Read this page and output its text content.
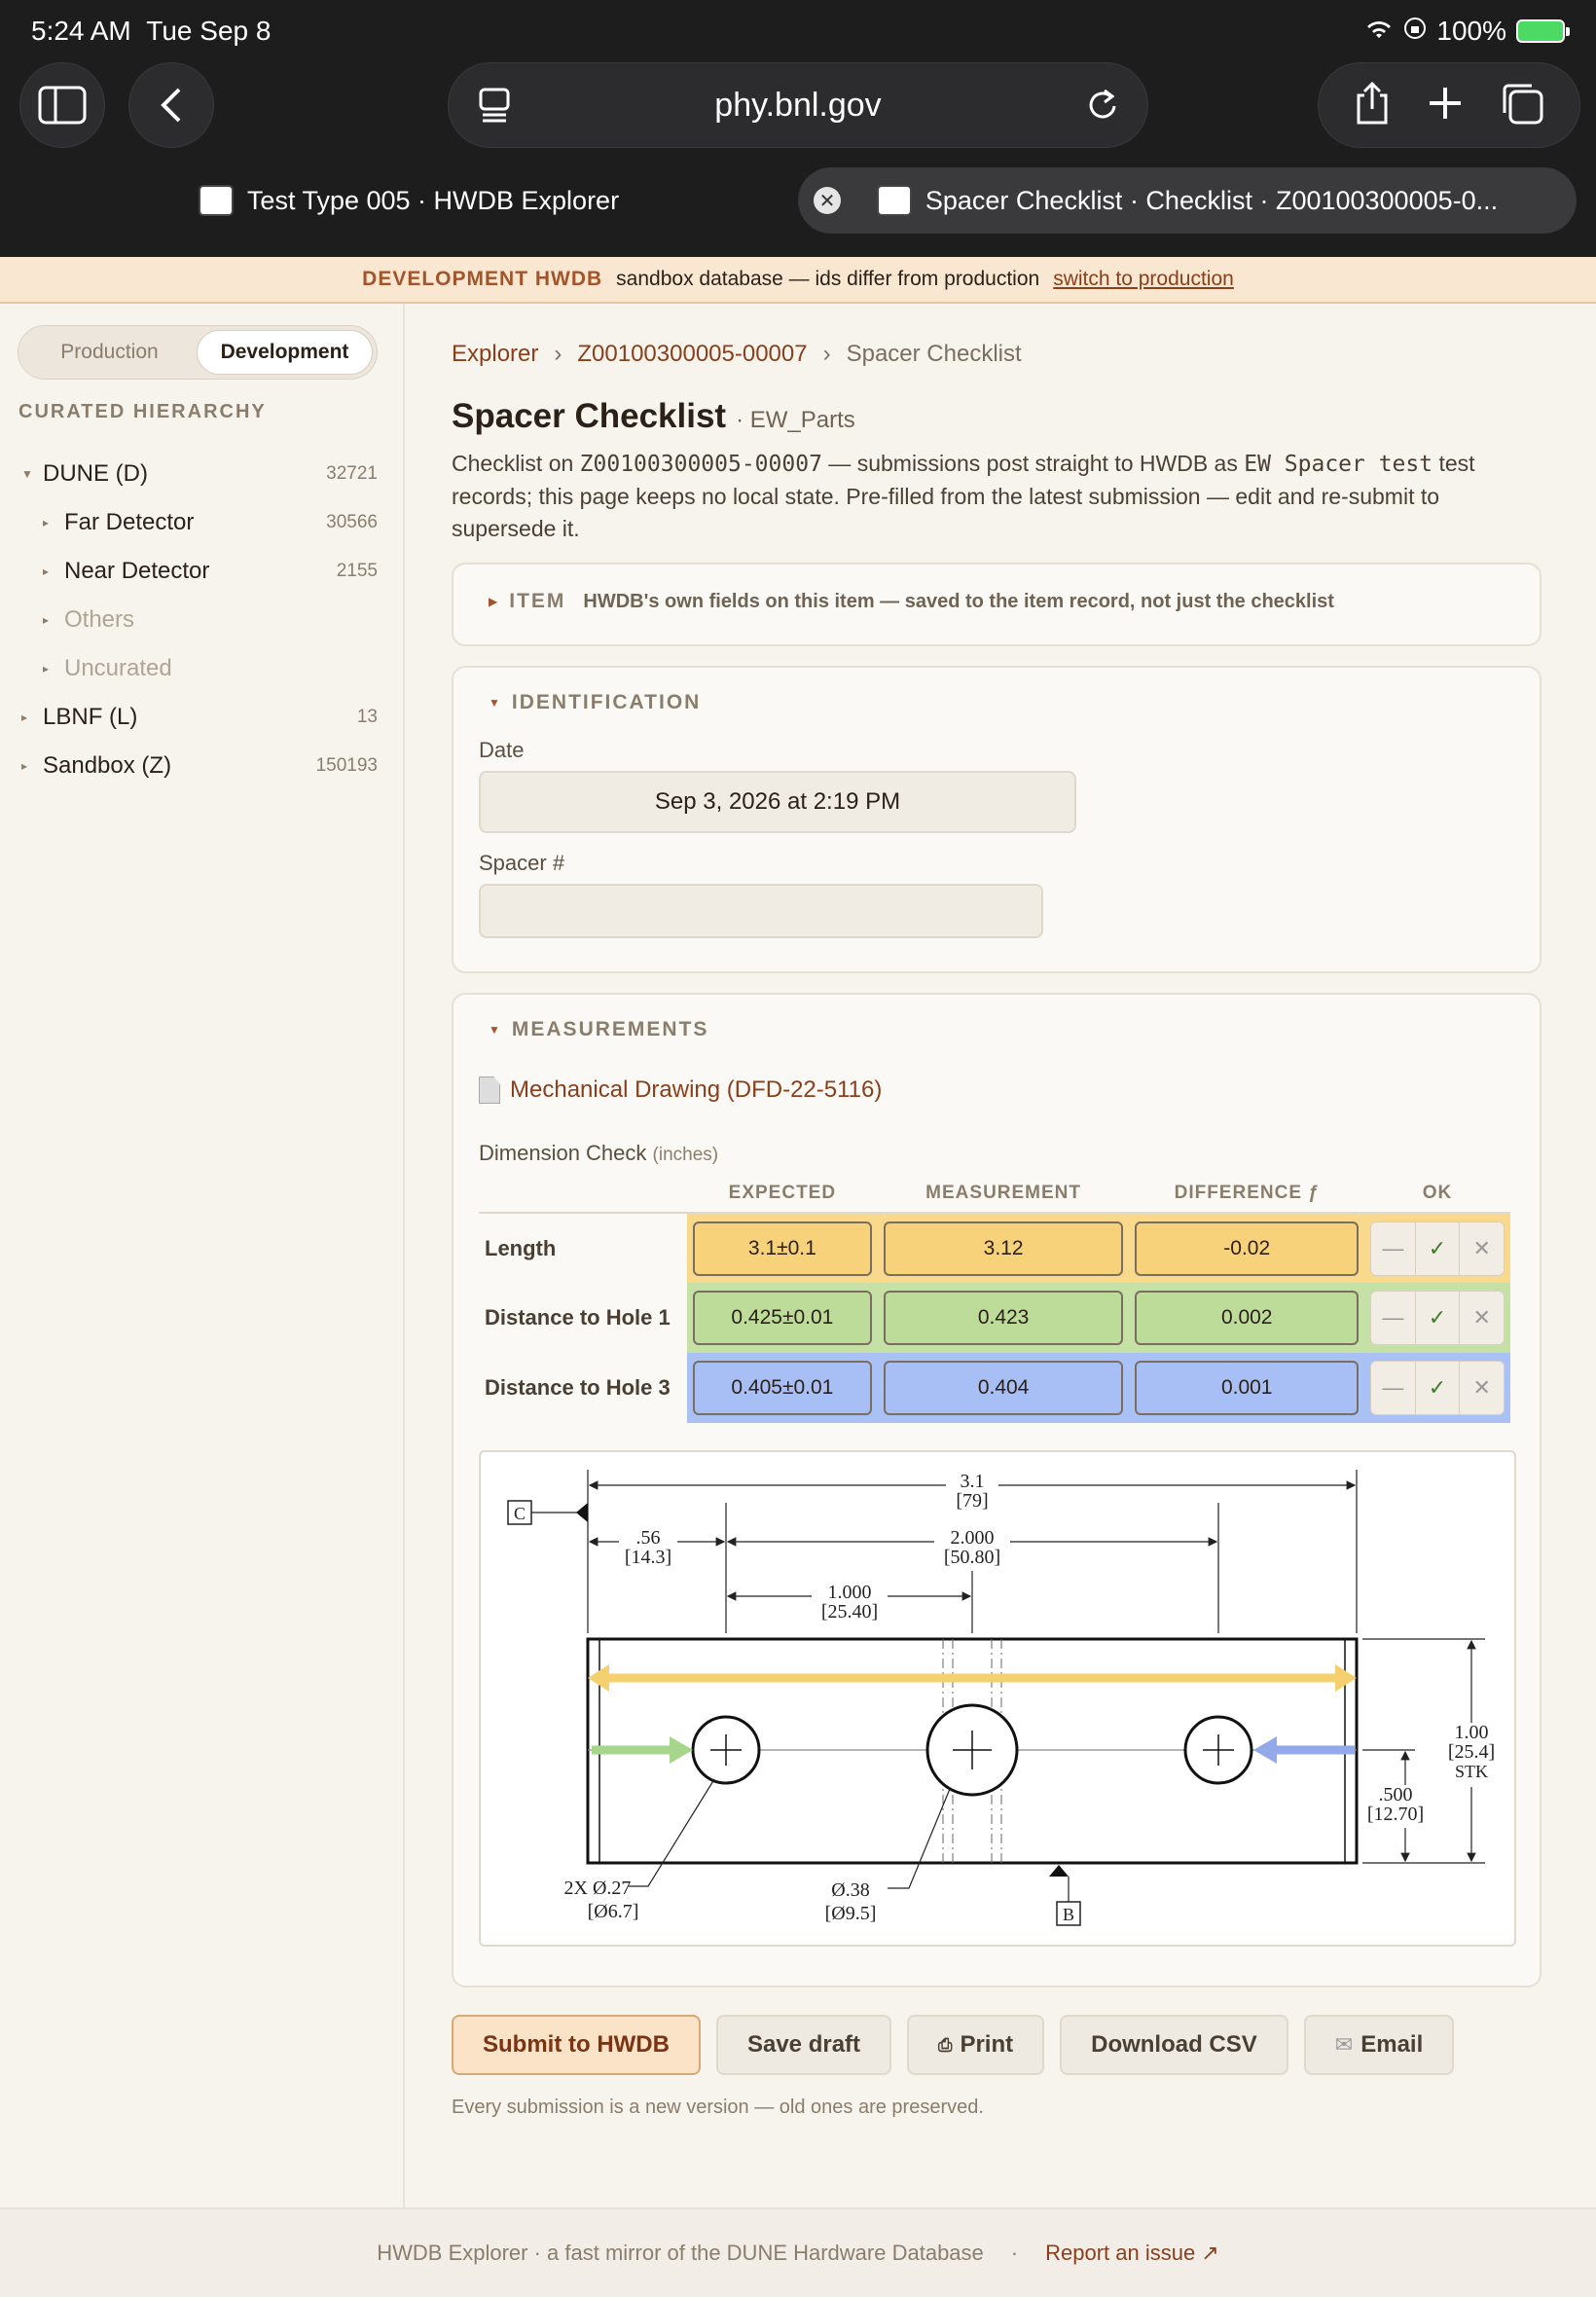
5:24 AM Tue Sep 8	100%
phy.bnl.gov
Test Type 005 · HWDB Explorer	✕	Spacer Checklist · Checklist · Z00100300005-0...
DEVELOPMENT HWDB sandbox database — ids differ from production switch to production
Production	Development
CURATED HIERARCHY
▼ DUNE (D)	32721
▸ Far Detector	30566
▸ Near Detector	2155
▸ Others
▸ Uncurated
▸ LBNF (L)	13
▸ Sandbox (Z)	150193
Explorer › Z00100300005-00007 › Spacer Checklist
Spacer Checklist · EW_Parts
Checklist on Z00100300005-00007 — submissions post straight to HWDB as EW Spacer test test records; this page keeps no local state. Pre-filled from the latest submission — edit and re-submit to supersede it.
▶ ITEM HWDB's own fields on this item — saved to the item record, not just the checklist
▼ IDENTIFICATION
Date
Sep 3, 2026 at 2:19 PM
Spacer #
▼ MEASUREMENTS
Mechanical Drawing (DFD-22-5116)
Dimension Check (inches)
	EXPECTED	MEASUREMENT	DIFFERENCE ƒ	OK
Length	3.1±0.1	3.12	-0.02	— ✓ ✕

Distance to Hole 1	0.425±0.01	0.423	0.002	— ✓ ✕

Distance to Hole 3	0.405±0.01	0.404	0.001	— ✓ ✕
3.1
[79]
.56
[14.3]
2.000
[50.80]
1.000
[25.40]
C
1.00
[25.4]
STK
.500
[12.70]
2X Ø.27
[Ø6.7]
Ø.38
[Ø9.5]	B
Submit to HWDB	Save draft	⎙ Print	Download CSV	✉ Email
Every submission is a new version — old ones are preserved.
HWDB Explorer · a fast mirror of the DUNE Hardware Database · Report an issue ↗
